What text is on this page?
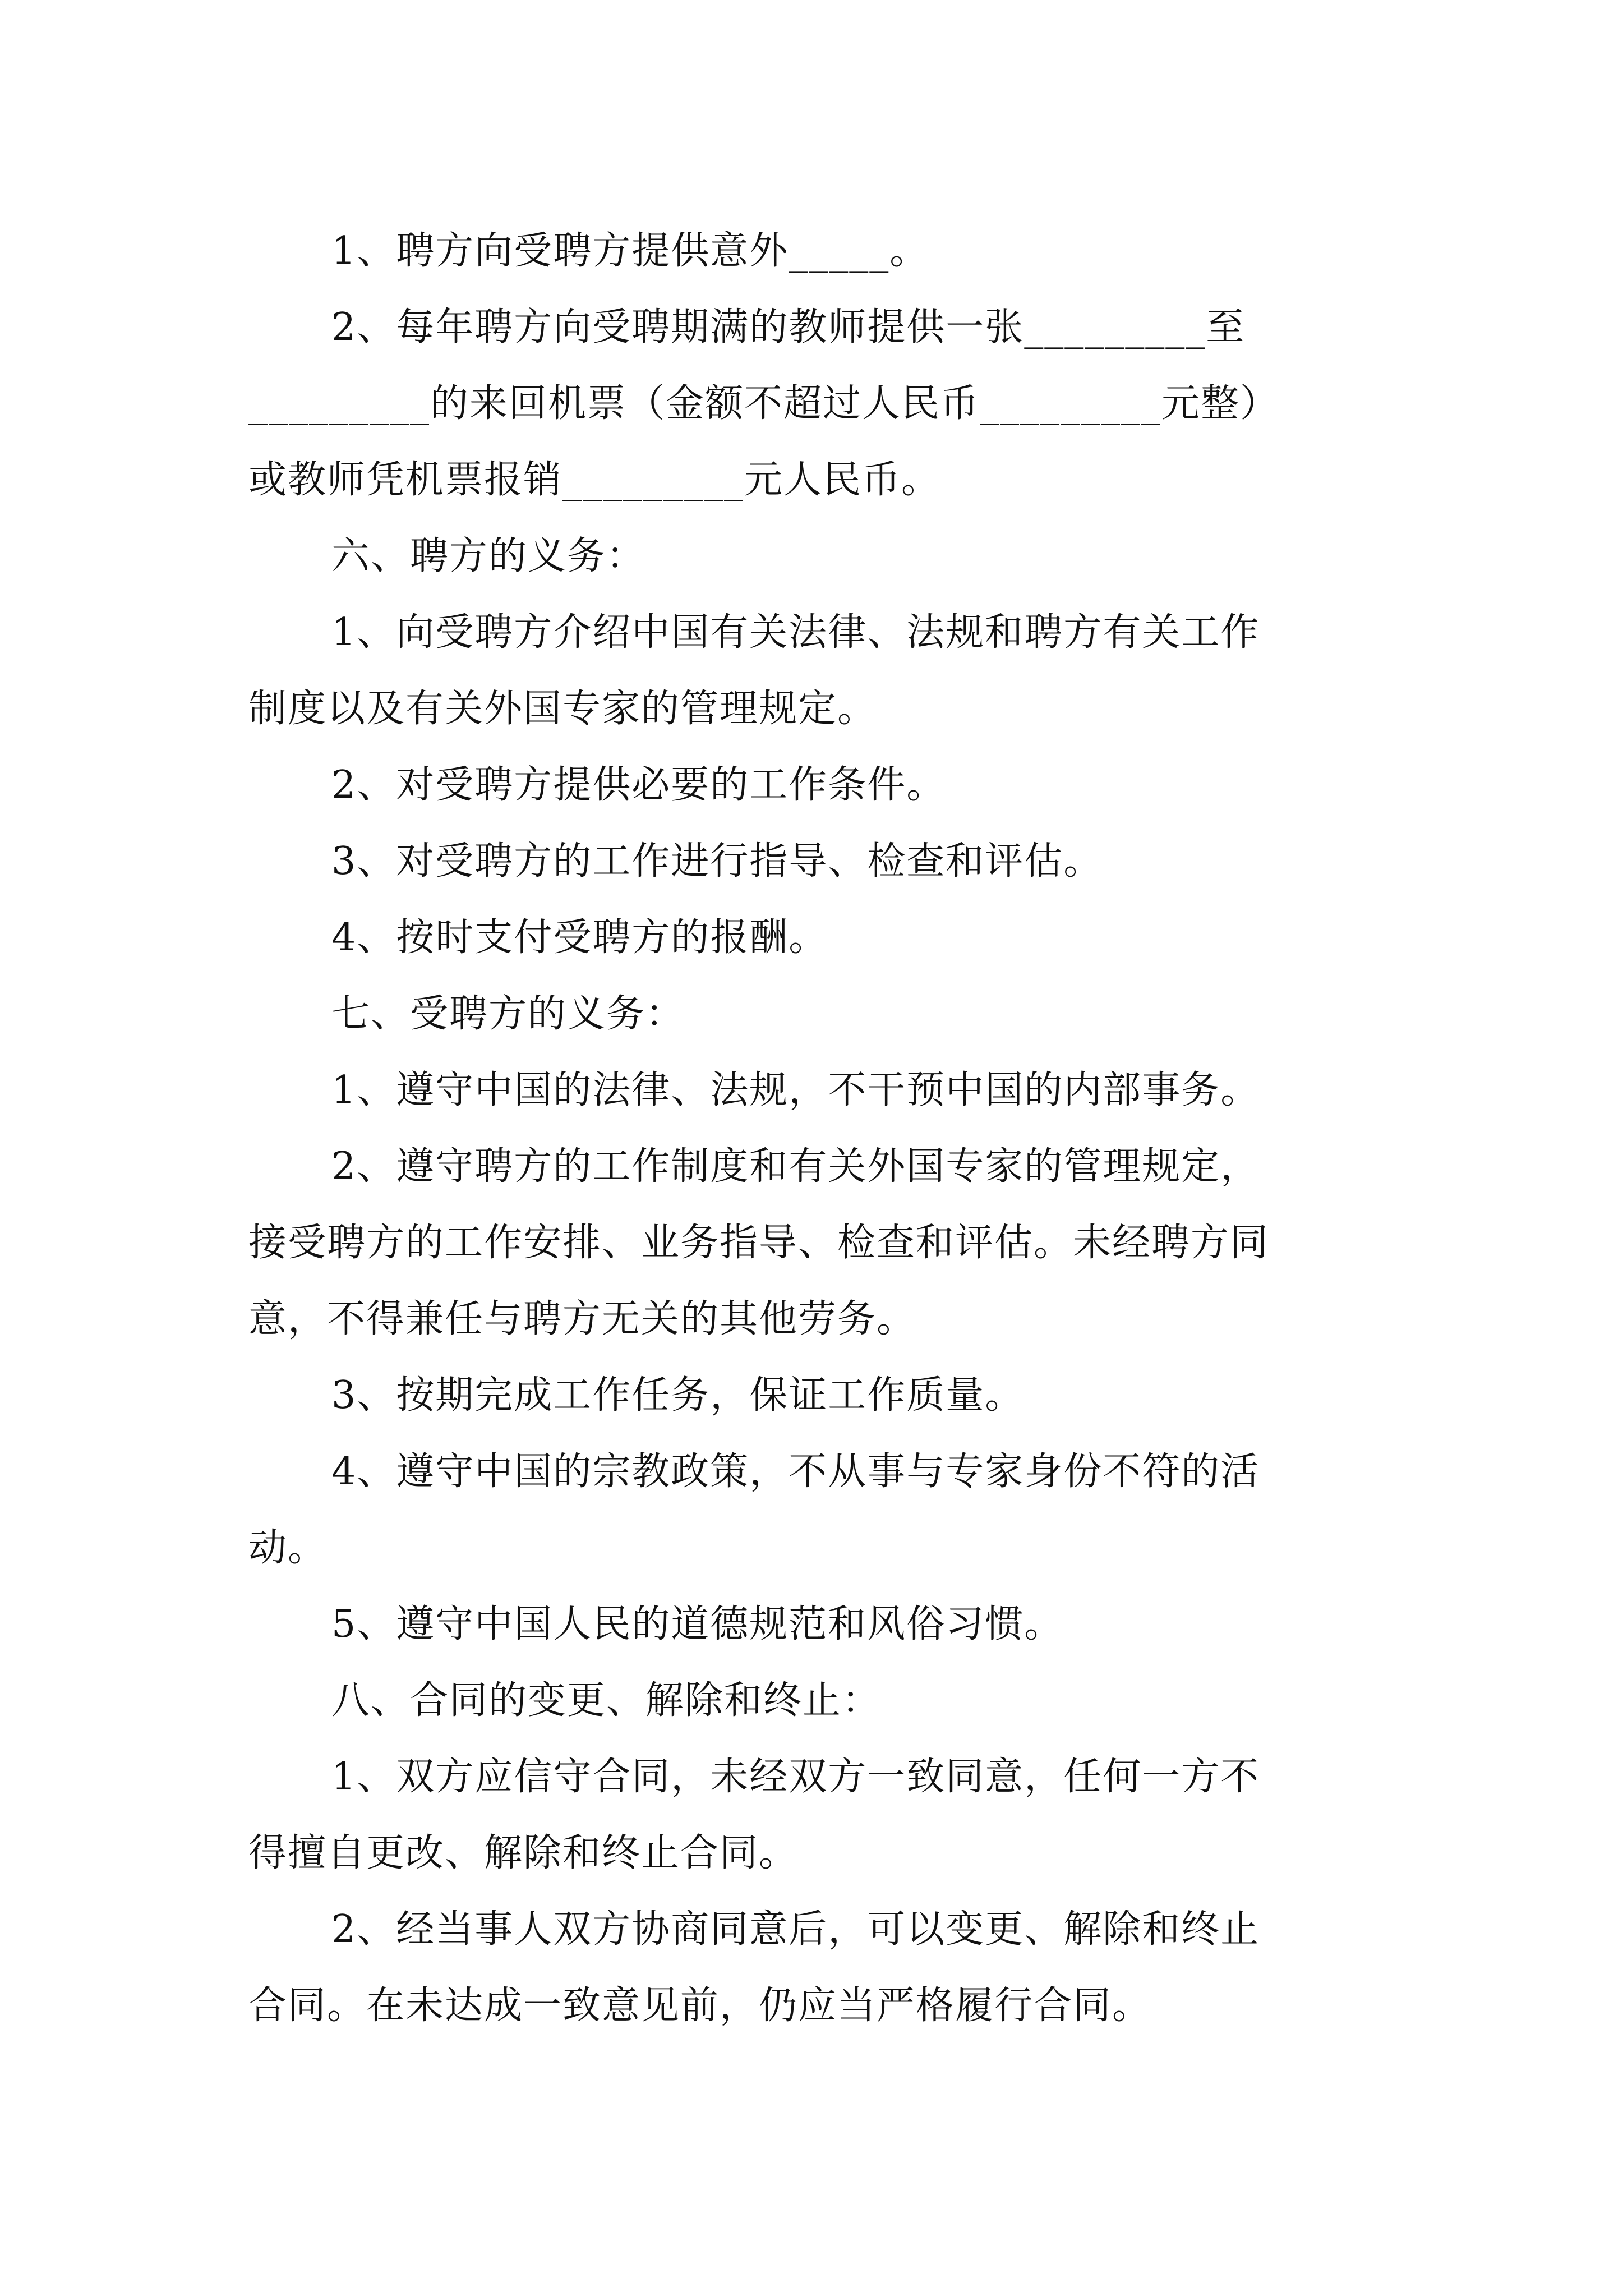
1、聘方向受聘方提供意外_____。
2、每年聘方向受聘期满的教师提供一张_________至
_________的来回机票（金额不超过人民币_________元整）
或教师凭机票报销_________元人民币。
六、聘方的义务：
1、向受聘方介绍中国有关法律、法规和聘方有关工作
制度以及有关外国专家的管理规定。
2、对受聘方提供必要的工作条件。
3、对受聘方的工作进行指导、检查和评估。
4、按时支付受聘方的报酬。
七、受聘方的义务：
1、遵守中国的法律、法规，不干预中国的内部事务。
2、遵守聘方的工作制度和有关外国专家的管理规定，
接受聘方的工作安排、业务指导、检查和评估。未经聘方同
意，不得兼任与聘方无关的其他劳务。
3、按期完成工作任务，保证工作质量。
4、遵守中国的宗教政策，不从事与专家身份不符的活
动。
5、遵守中国人民的道德规范和风俗习惯。
八、合同的变更、解除和终止：
1、双方应信守合同，未经双方一致同意，任何一方不
得擅自更改、解除和终止合同。
2、经当事人双方协商同意后，可以变更、解除和终止
合同。在未达成一致意见前，仍应当严格履行合同。
